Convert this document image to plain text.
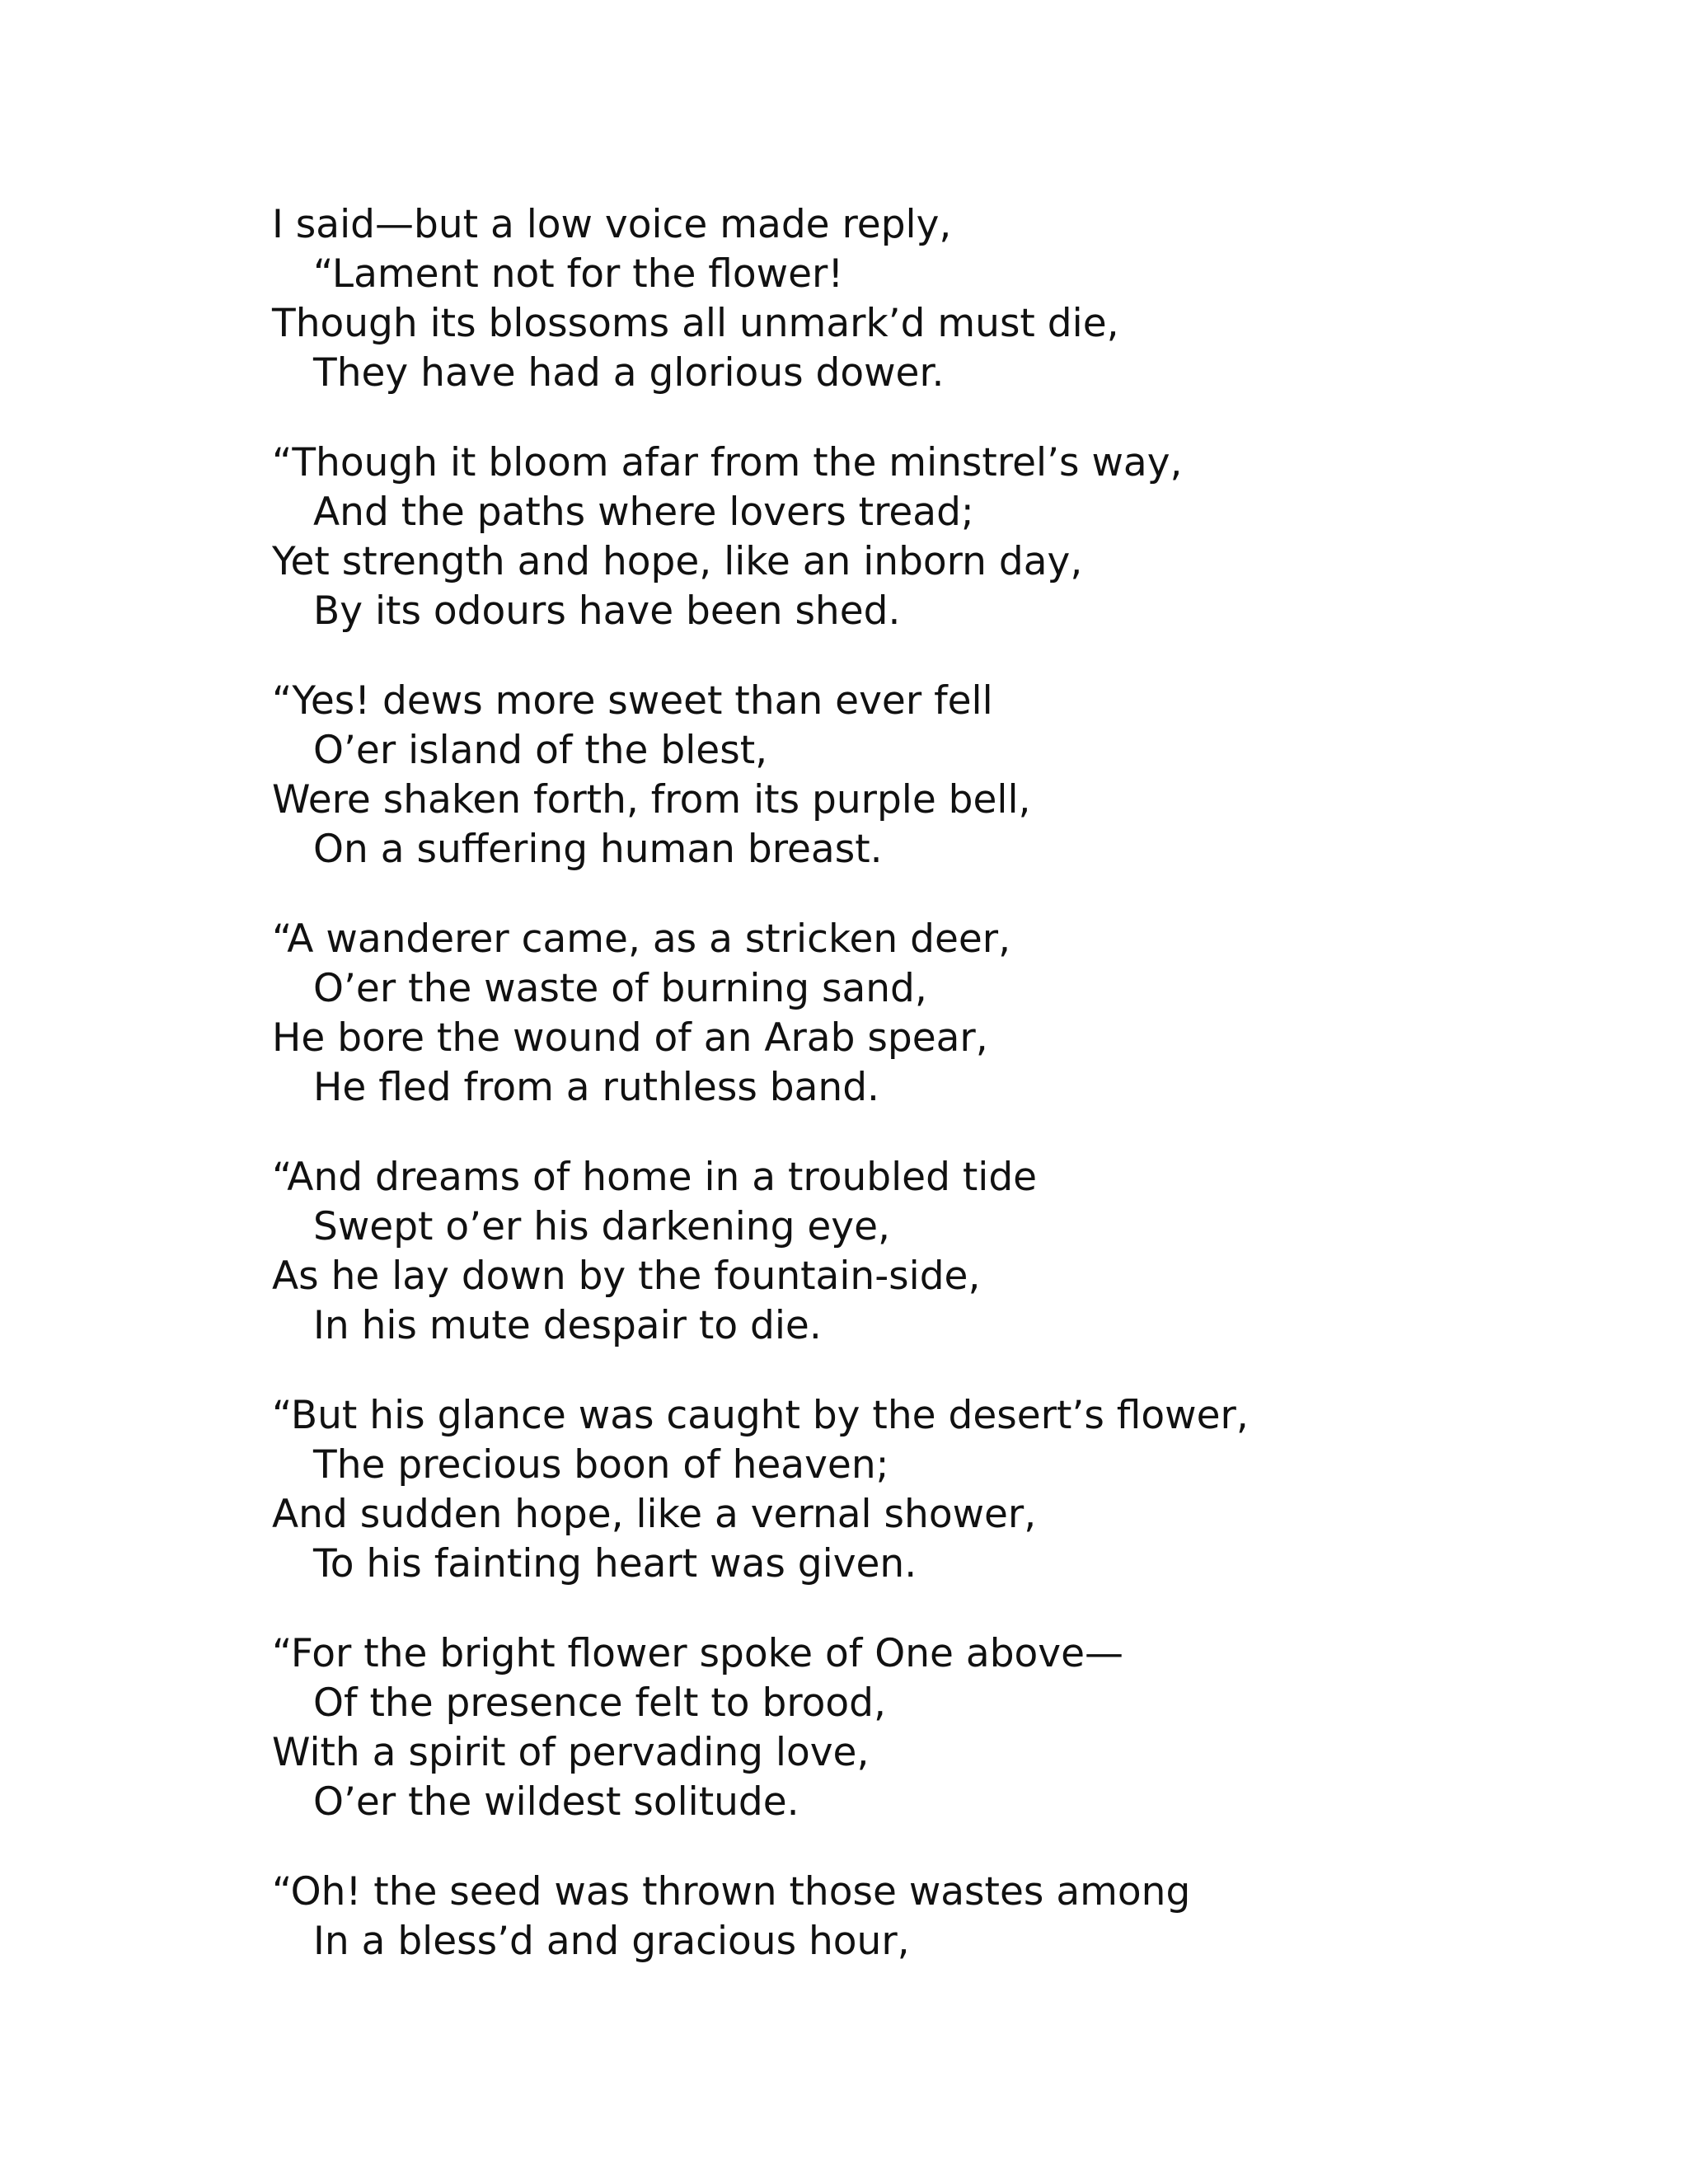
I said—but a low voice made reply,
“Lament not for the flower!
Though its blossoms all unmark’d must die,
They have had a glorious dower.
“Though it bloom afar from the minstrel’s way,
And the paths where lovers tread;
Yet strength and hope, like an inborn day,
By its odours have been shed.
“Yes! dews more sweet than ever fell
O’er island of the blest,
Were shaken forth, from its purple bell,
On a suffering human breast.
“A wanderer came, as a stricken deer,
O’er the waste of burning sand,
He bore the wound of an Arab spear,
He fled from a ruthless band.
“And dreams of home in a troubled tide
Swept o’er his darkening eye,
As he lay down by the fountain-side,
In his mute despair to die.
“But his glance was caught by the desert’s flower,
The precious boon of heaven;
And sudden hope, like a vernal shower,
To his fainting heart was given.
“For the bright flower spoke of One above—
Of the presence felt to brood,
With a spirit of pervading love,
O’er the wildest solitude.
“Oh! the seed was thrown those wastes among
In a bless’d and gracious hour,
